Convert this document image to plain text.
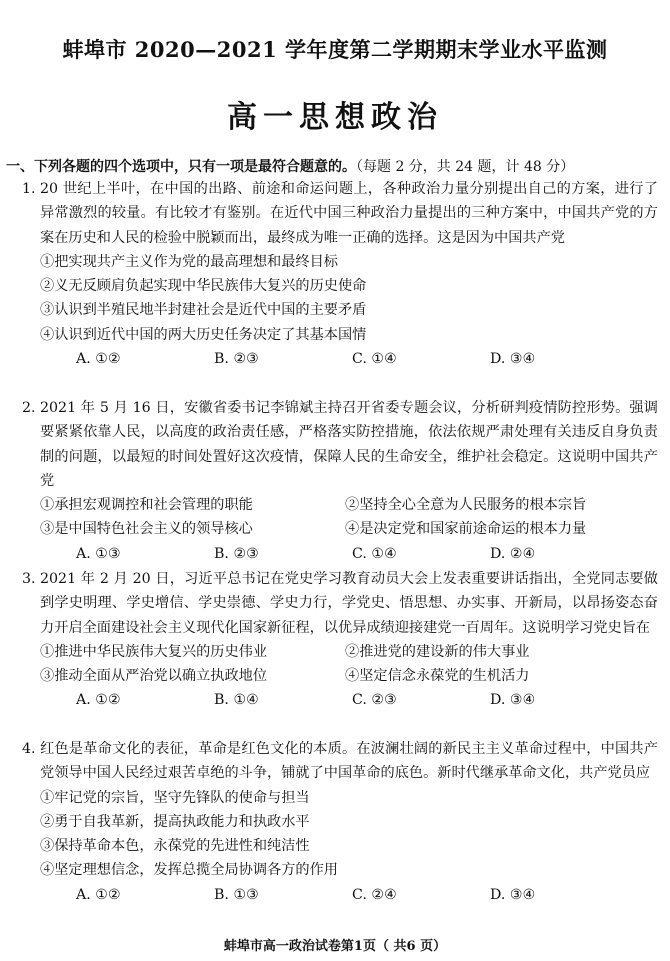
蚌埠市 2020—2021 学年度第二学期期末学业水平监测
高一思想政治
一、下列各题的四个选项中，只有一项是最符合题意的。（每题 2 分，共 24 题，计 48 分）

1. 20 世纪上半叶，在中国的出路、前途和命运问题上，各种政治力量分别提出自己的方案，进行了异常激烈的较量。有比较才有鉴别。在近代中国三种政治力量提出的三种方案中，中国共产党的方案在历史和人民的检验中脱颖而出，最终成为唯一正确的选择。这是因为中国共产党

①把实现共产主义作为党的最高理想和最终目标
②义无反顾肩负起实现中华民族伟大复兴的历史使命
③认识到半殖民地半封建社会是近代中国的主要矛盾
④认识到近代中国的两大历史任务决定了其基本国情
A. ①②	B. ②③	C. ①④	D. ③④

2. 2021 年 5 月 16 日，安徽省委书记李锦斌主持召开省委专题会议，分析研判疫情防控形势。强调要紧紧依靠人民，以高度的政治责任感，严格落实防控措施，依法依规严肃处理有关违反自身负责制的问题，以最短的时间处置好这次疫情，保障人民的生命安全，维护社会稳定。这说明中国共产党

①承担宏观调控和社会管理的职能	②坚持全心全意为人民服务的根本宗旨
③是中国特色社会主义的领导核心	④是决定党和国家前途命运的根本力量
A. ①③	B. ②③	C. ①④	D. ②④

3. 2021 年 2 月 20 日，习近平总书记在党史学习教育动员大会上发表重要讲话指出，全党同志要做到学史明理、学史增信、学史崇德、学史力行，学党史、悟思想、办实事、开新局，以昂扬姿态奋力开启全面建设社会主义现代化国家新征程，以优异成绩迎接建党一百周年。这说明学习党史旨在

①推进中华民族伟大复兴的历史伟业	②推进党的建设新的伟大事业
③推动全面从严治党以确立执政地位	④坚定信念永葆党的生机活力
A. ①②	B. ①④	C. ②③	D. ③④

4. 红色是革命文化的表征，革命是红色文化的本质。在波澜壮阔的新民主主义革命过程中，中国共产党领导中国人民经过艰苦卓绝的斗争，铺就了中国革命的底色。新时代继承革命文化，共产党员应

①牢记党的宗旨，坚守先锋队的使命与担当
②勇于自我革新，提高执政能力和执政水平
③保持革命本色，永葆党的先进性和纯洁性
④坚定理想信念，发挥总揽全局协调各方的作用
A. ①②	B. ①③	C. ②④	D. ③④
蚌埠市高一政治试卷第1页（ 共6 页）
